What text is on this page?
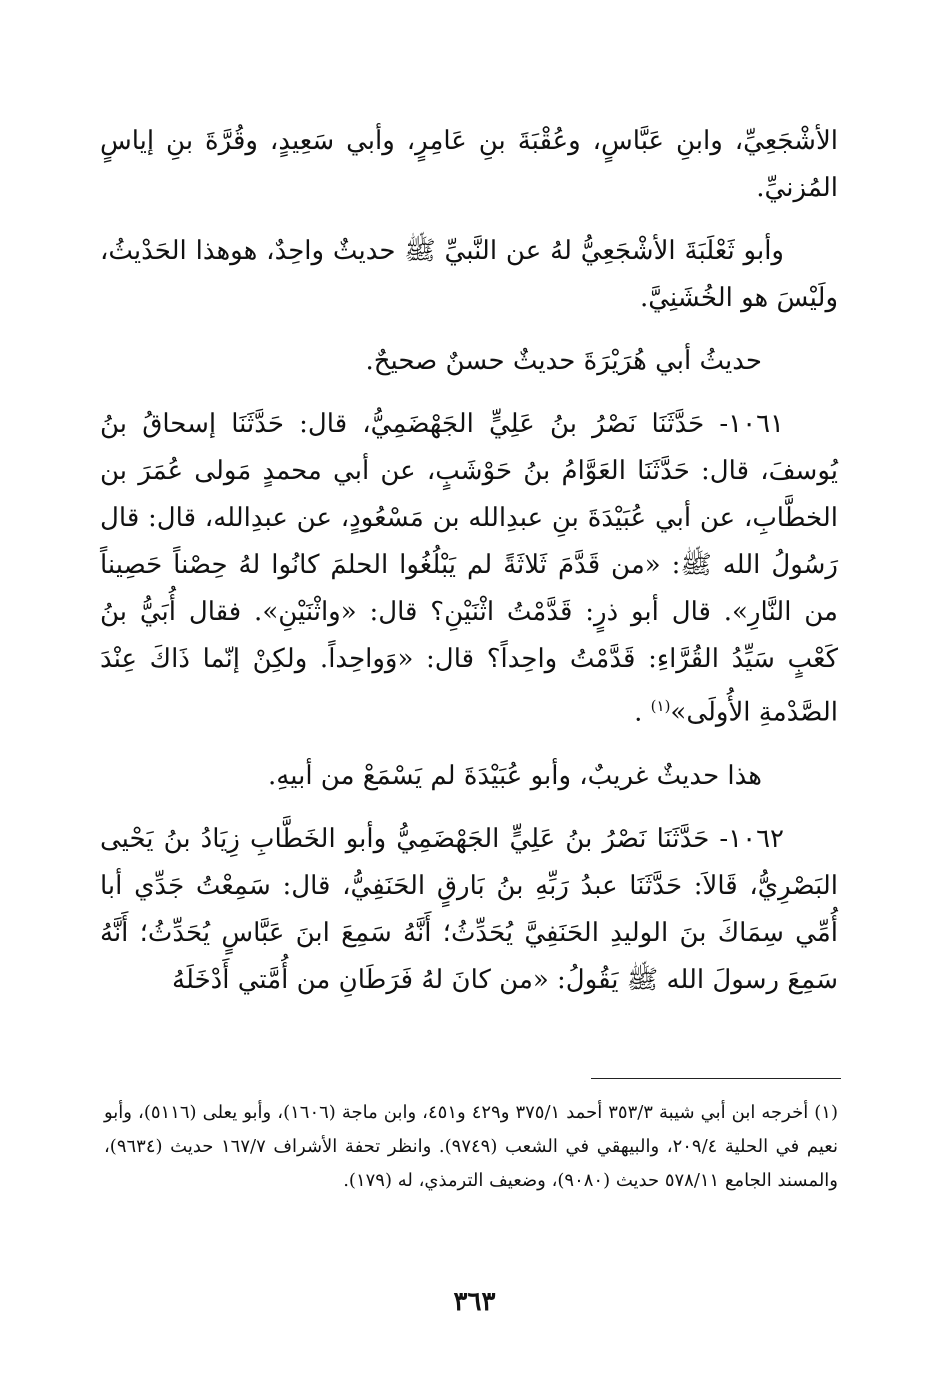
الأشْجَعِيِّ، وابنِ عَبَّاسٍ، وعُقْبَةَ بنِ عَامِرٍ، وأبي سَعِيدٍ، وقُرَّةَ بنِ إياسٍ المُزنيِّ.

وأبو ثَعْلَبَةَ الأشْجَعِيُّ لهُ عن النَّبيِّ ﷺ حديثٌ واحِدٌ، هوهذا الحَدْيثُ، ولَيْسَ هو الخُشَنِيَّ.

حديثُ أبي هُرَيْرَةَ حديثٌ حسنٌ صحيحٌ.

١٠٦١- حَدَّثَنَا نَصْرُ بنُ عَلِيٍّ الجَهْضَمِيُّ، قال: حَدَّثَنَا إسحاقُ بنُ يُوسفَ، قال: حَدَّثَنَا العَوَّامُ بنُ حَوْشَبٍ، عن أبي محمدٍ مَولى عُمَرَ بن الخطَّابِ، عن أبي عُبَيْدَةَ بنِ عبدِالله بن مَسْعُودٍ، عن عبدِالله، قال: قال رَسُولُ الله ﷺ: «من قَدَّمَ ثَلاثَةً لم يَبْلُغُوا الحلمَ كانُوا لهُ حِصْناً حَصِيناً من النَّارِ». قال أبو ذرٍ: قَدَّمْتُ اثْنَيْنِ؟ قال: «واثْنَيْنِ». فقال أُبَيُّ بنُ كَعْبٍ سَيِّدُ القُرَّاءِ: قَدَّمْتُ واحِداً؟ قال: «وَواحِداً. ولكِنْ إنّما ذَاكَ عِنْدَ الصَّدْمةِ الأُولَى»$^{(١)}$ .

هذا حديثٌ غريبٌ، وأبو عُبَيْدَةَ لم يَسْمَعْ من أبيهِ.

١٠٦٢- حَدَّثَنَا نَصْرُ بنُ عَلِيٍّ الجَهْضَمِيُّ وأبو الخَطَّابِ زِيَادُ بنُ يَحْيى البَصْرِيُّ، قَالاَ: حَدَّثَنَا عبدُ رَبِّهِ بنُ بَارقٍ الحَنَفِيُّ، قال: سَمِعْتُ جَدِّي أبا أُمِّي سِمَاكَ بنَ الوليدِ الحَنَفِيَّ يُحَدِّثُ؛ أَنَّهُ سَمِعَ ابنَ عَبَّاسٍ يُحَدِّثُ؛ أَنَّهُ سَمِعَ رسولَ الله ﷺ يَقُولُ: «من كانَ لهُ فَرَطَانِ من أُمَّتي أَدْخَلَهُ

(١) أخرجه ابن أبي شيبة ٣٥٣/٣ أحمد ٣٧٥/١ و٤٢٩ و٤٥١، وابن ماجة (١٦٠٦)، وأبو يعلى (٥١١٦)، وأبو نعيم في الحلية ٢٠٩/٤، والبيهقي في الشعب (٩٧٤٩). وانظر تحفة الأشراف ١٦٧/٧ حديث (٩٦٣٤)، والمسند الجامع ٥٧٨/١١ حديث (٩٠٨٠)، وضعيف الترمذي، له (١٧٩).

٣٦٣
